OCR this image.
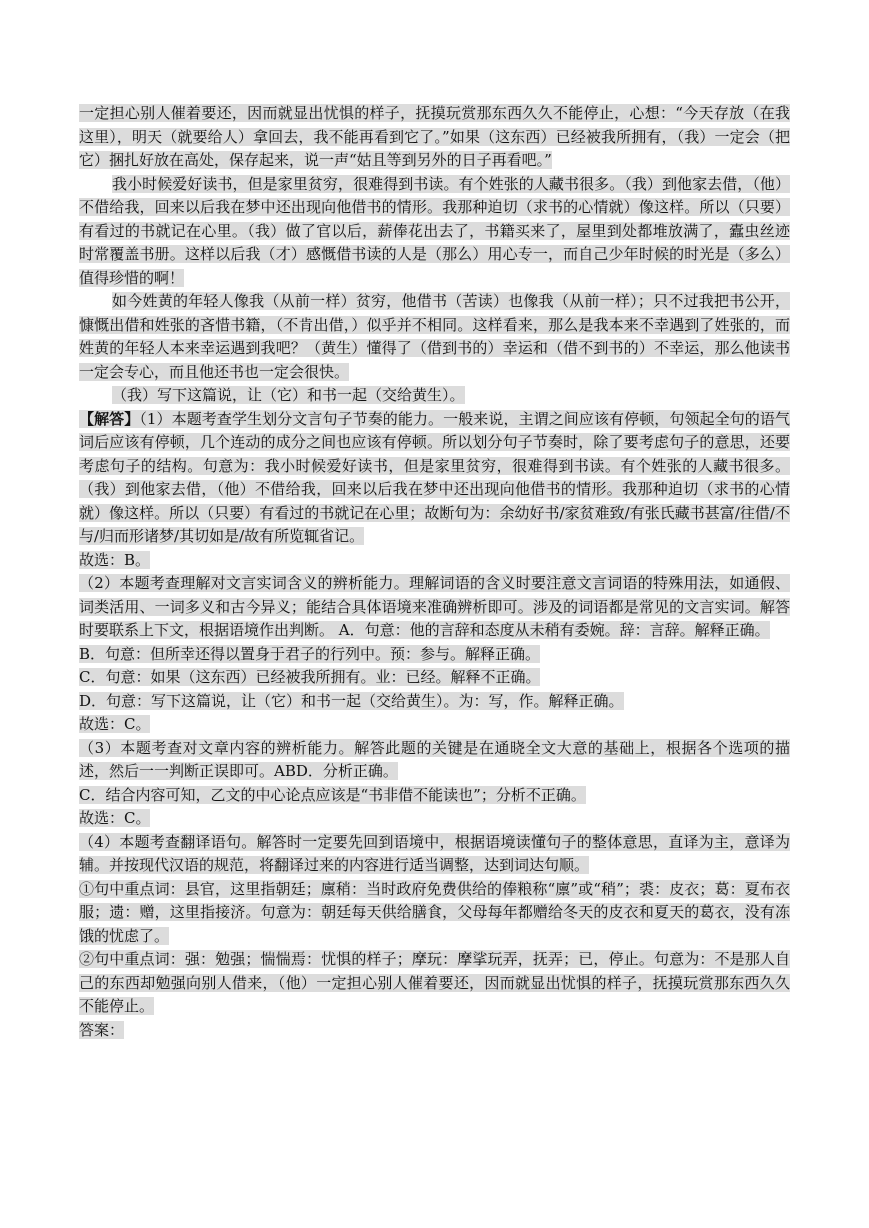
一定担心别人催着要还，因而就显出忧惧的样子，抚摸玩赏那东西久久不能停止，心想：“今天存放（在我这里），明天（就要给人）拿回去，我不能再看到它了。”如果（这东西）已经被我所拥有，（我）一定会（把它）捆扎好放在高处，保存起来，说一声“姑且等到另外的日子再看吧。”

我小时候爱好读书，但是家里贫穷，很难得到书读。有个姓张的人藏书很多。（我）到他家去借，（他）不借给我，回来以后我在梦中还出现向他借书的情形。我那种迫切（求书的心情就）像这样。所以（只要）有看过的书就记在心里。（我）做了官以后，薪俸花出去了，书籍买来了，屋里到处都堆放满了，蠹虫丝迹时常覆盖书册。这样以后我（才）感慨借书读的人是（那么）用心专一，而自己少年时候的时光是（多么）值得珍惜的啊！

如今姓黄的年轻人像我（从前一样）贫穷，他借书（苦读）也像我（从前一样）；只不过我把书公开，慷慨出借和姓张的吝惜书籍，（不肯出借，）似乎并不相同。这样看来，那么是我本来不幸遇到了姓张的，而姓黄的年轻人本来幸运遇到我吧？（黄生）懂得了（借到书的）幸运和（借不到书的）不幸运，那么他读书一定会专心，而且他还书也一定会很快。

（我）写下这篇说，让（它）和书一起（交给黄生）。

【解答】（1）本题考查学生划分文言句子节奏的能力。一般来说，主谓之间应该有停顿，句领起全句的语气词后应该有停顿，几个连动的成分之间也应该有停顿。所以划分句子节奏时，除了要考虑句子的意思，还要考虑句子的结构。句意为：我小时候爱好读书，但是家里贫穷，很难得到书读。有个姓张的人藏书很多。（我）到他家去借，（他）不借给我，回来以后我在梦中还出现向他借书的情形。我那种迫切（求书的心情就）像这样。所以（只要）有看过的书就记在心里；故断句为：余幼好书/家贫难致/有张氏藏书甚富/往借/不与/归而形诸梦/其切如是/故有所览辄省记。

故选：B。

（2）本题考查理解对文言实词含义的辨析能力。理解词语的含义时要注意文言词语的特殊用法，如通假、词类活用、一词多义和古今异义；能结合具体语境来准确辨析即可。涉及的词语都是常见的文言实词。解答时要联系上下文，根据语境作出判断。 A．句意：他的言辞和态度从未稍有委婉。辞：言辞。解释正确。

B．句意：但所幸还得以置身于君子的行列中。预：参与。解释正确。

C．句意：如果（这东西）已经被我所拥有。业：已经。解释不正确。

D．句意：写下这篇说，让（它）和书一起（交给黄生）。为：写，作。解释正确。

故选：C。

（3）本题考查对文章内容的辨析能力。解答此题的关键是在通晓全文大意的基础上，根据各个选项的描述，然后一一判断正误即可。ABD．分析正确。

C．结合内容可知，乙文的中心论点应该是“书非借不能读也”；分析不正确。

故选：C。

（4）本题考查翻译语句。解答时一定要先回到语境中，根据语境读懂句子的整体意思，直译为主，意译为辅。并按现代汉语的规范，将翻译过来的内容进行适当调整，达到词达句顺。

①句中重点词：县官，这里指朝廷；廪稍：当时政府免费供给的俸粮称“廪”或“稍”；裘：皮衣；葛：夏布衣服；遗：赠，这里指接济。句意为：朝廷每天供给膳食，父母每年都赠给冬天的皮衣和夏天的葛衣，没有冻饿的忧虑了。

②句中重点词：强：勉强；惴惴焉：忧惧的样子；摩玩：摩挲玩弄，抚弄；已，停止。句意为：不是那人自己的东西却勉强向别人借来，（他）一定担心别人催着要还，因而就显出忧惧的样子，抚摸玩赏那东西久久不能停止。

答案：
